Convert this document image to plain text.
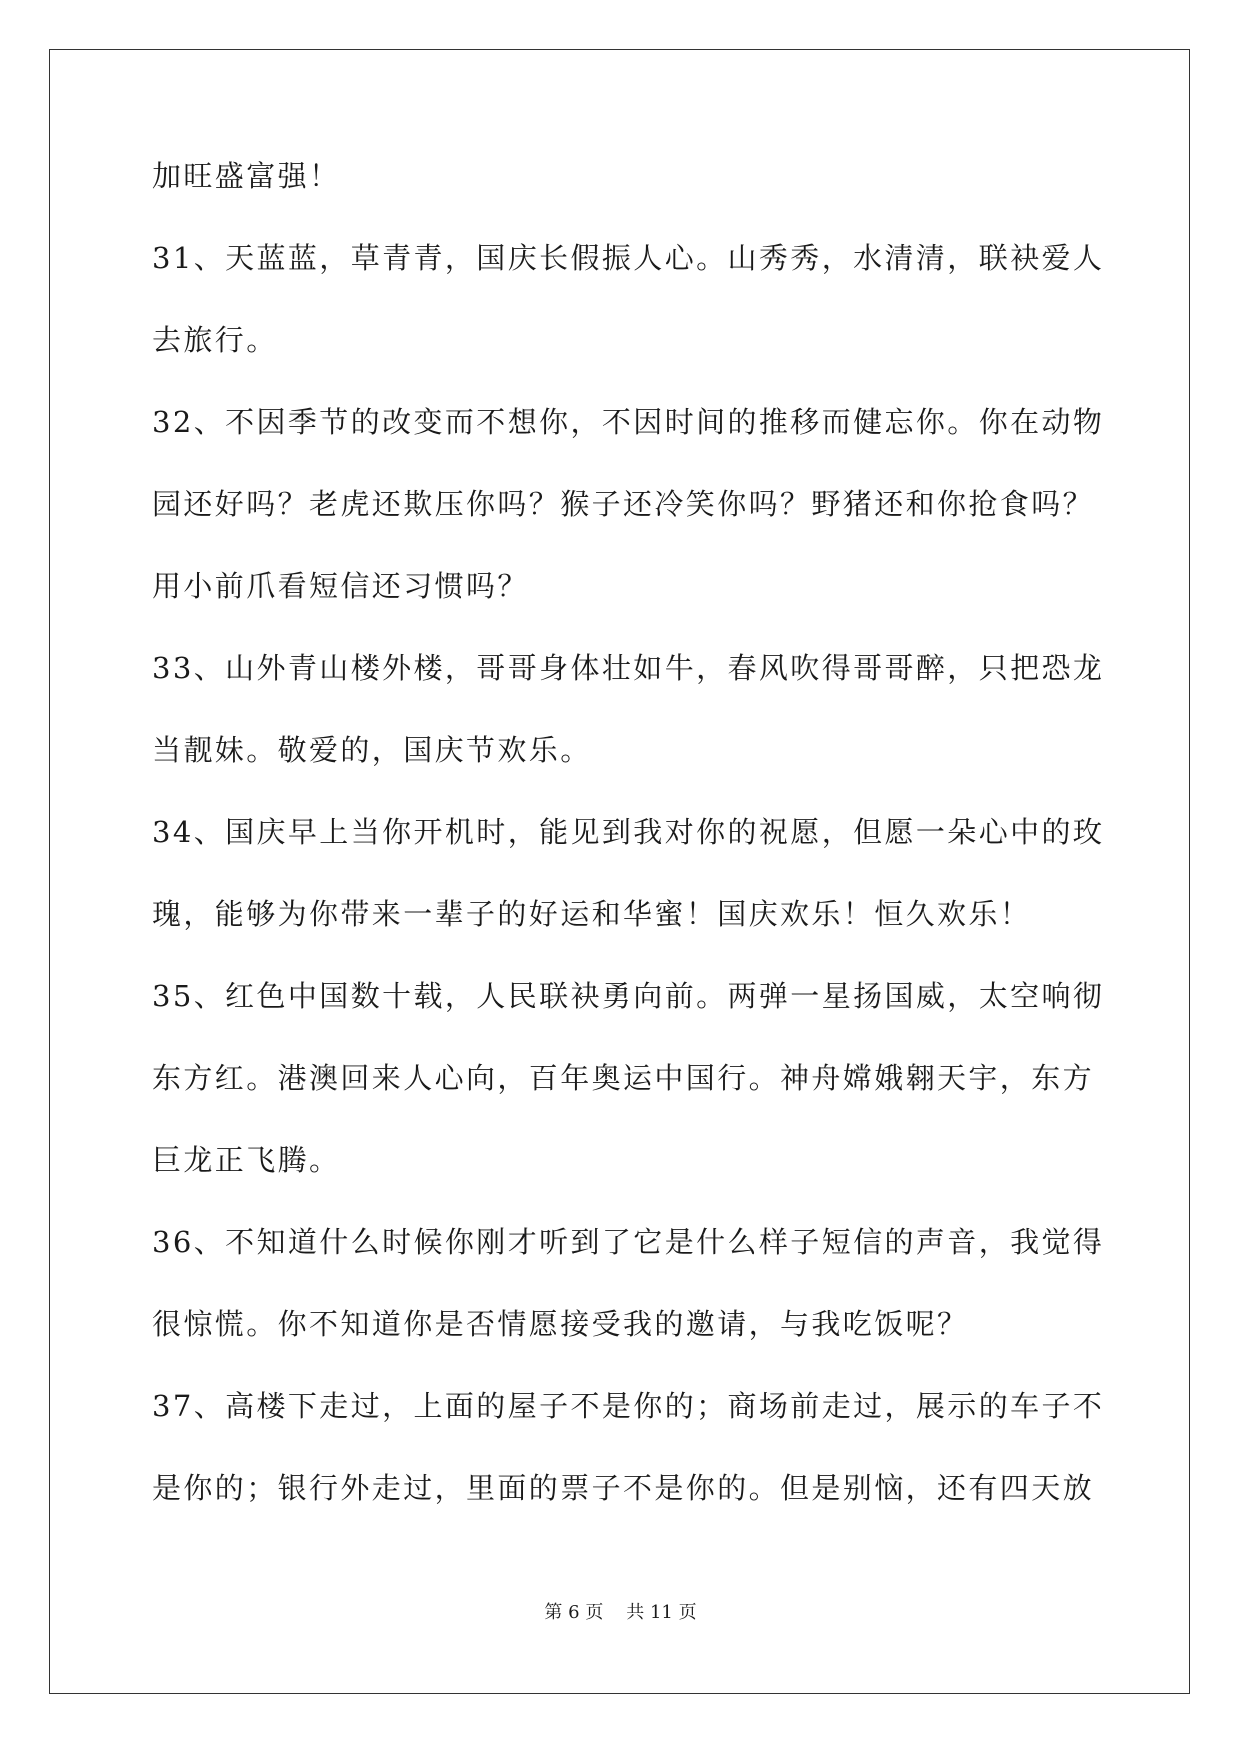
加旺盛富强！
31、天蓝蓝，草青青，国庆长假振人心。山秀秀，水清清，联袂爱人
去旅行。
32、不因季节的改变而不想你，不因时间的推移而健忘你。你在动物
园还好吗？老虎还欺压你吗？猴子还冷笑你吗？野猪还和你抢食吗？
用小前爪看短信还习惯吗？
33、山外青山楼外楼，哥哥身体壮如牛，春风吹得哥哥醉，只把恐龙
当靓妹。敬爱的，国庆节欢乐。
34、国庆早上当你开机时，能见到我对你的祝愿，但愿一朵心中的玫
瑰，能够为你带来一辈子的好运和华蜜！国庆欢乐！恒久欢乐！
35、红色中国数十载，人民联袂勇向前。两弹一星扬国威，太空响彻
东方红。港澳回来人心向，百年奥运中国行。神舟嫦娥翱天宇，东方
巨龙正飞腾。
36、不知道什么时候你刚才听到了它是什么样子短信的声音，我觉得
很惊慌。你不知道你是否情愿接受我的邀请，与我吃饭呢？
37、高楼下走过，上面的屋子不是你的；商场前走过，展示的车子不
是你的；银行外走过，里面的票子不是你的。但是别恼，还有四天放
第 6 页 共 11 页
